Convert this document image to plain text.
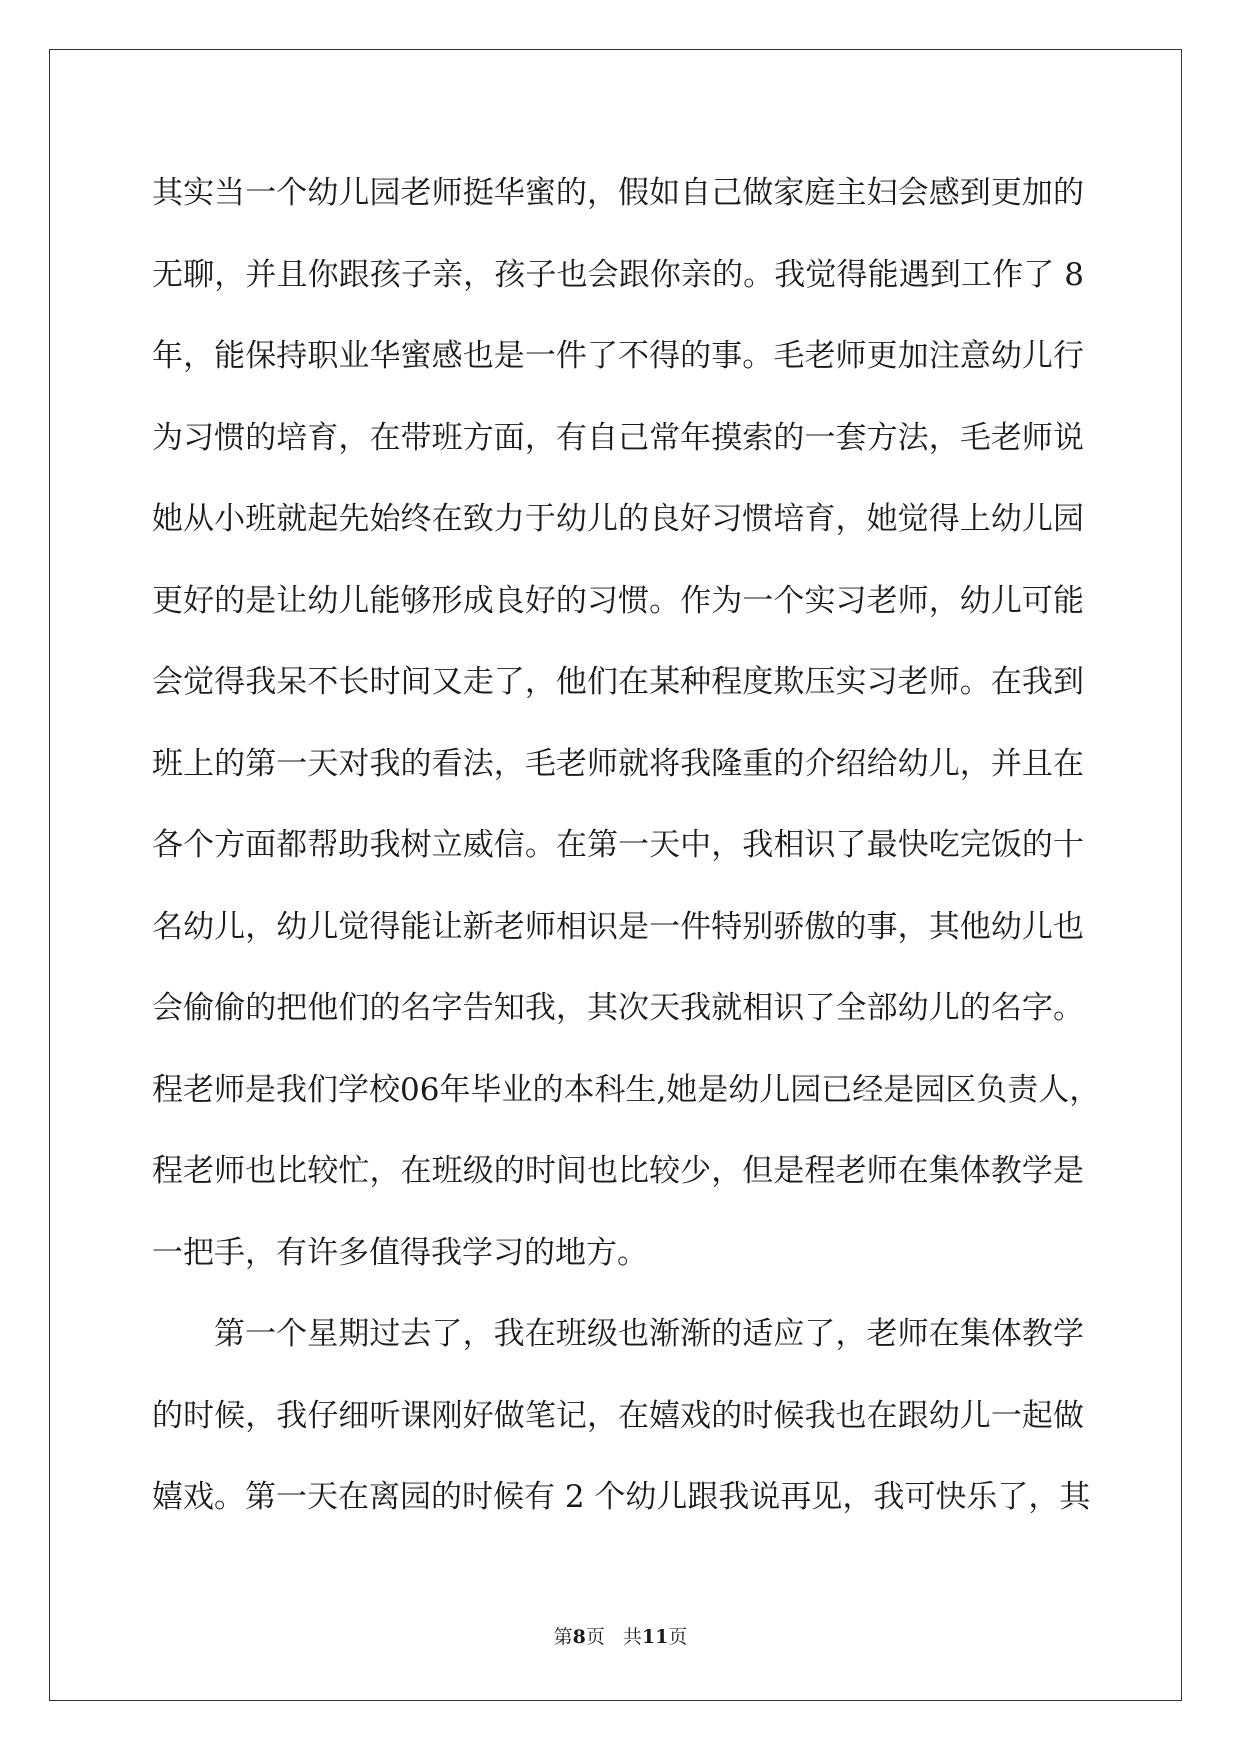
其实当一个幼儿园老师挺华蜜的，假如自己做家庭主妇会感到更加的
无聊，并且你跟孩子亲，孩子也会跟你亲的。我觉得能遇到工作了 8
年，能保持职业华蜜感也是一件了不得的事。毛老师更加注意幼儿行
为习惯的培育，在带班方面，有自己常年摸索的一套方法，毛老师说
她从小班就起先始终在致力于幼儿的良好习惯培育，她觉得上幼儿园
更好的是让幼儿能够形成良好的习惯。作为一个实习老师，幼儿可能
会觉得我呆不长时间又走了，他们在某种程度欺压实习老师。在我到
班上的第一天对我的看法，毛老师就将我隆重的介绍给幼儿，并且在
各个方面都帮助我树立威信。在第一天中，我相识了最快吃完饭的十
名幼儿，幼儿觉得能让新老师相识是一件特别骄傲的事，其他幼儿也
会偷偷的把他们的名字告知我，其次天我就相识了全部幼儿的名字。
程老师是我们学校06年毕业的本科生,她是幼儿园已经是园区负责人，
程老师也比较忙，在班级的时间也比较少，但是程老师在集体教学是
一把手，有许多值得我学习的地方。
第一个星期过去了，我在班级也渐渐的适应了，老师在集体教学
的时候，我仔细听课刚好做笔记，在嬉戏的时候我也在跟幼儿一起做
嬉戏。第一天在离园的时候有 2 个幼儿跟我说再见，我可快乐了，其
第8页 共11页
